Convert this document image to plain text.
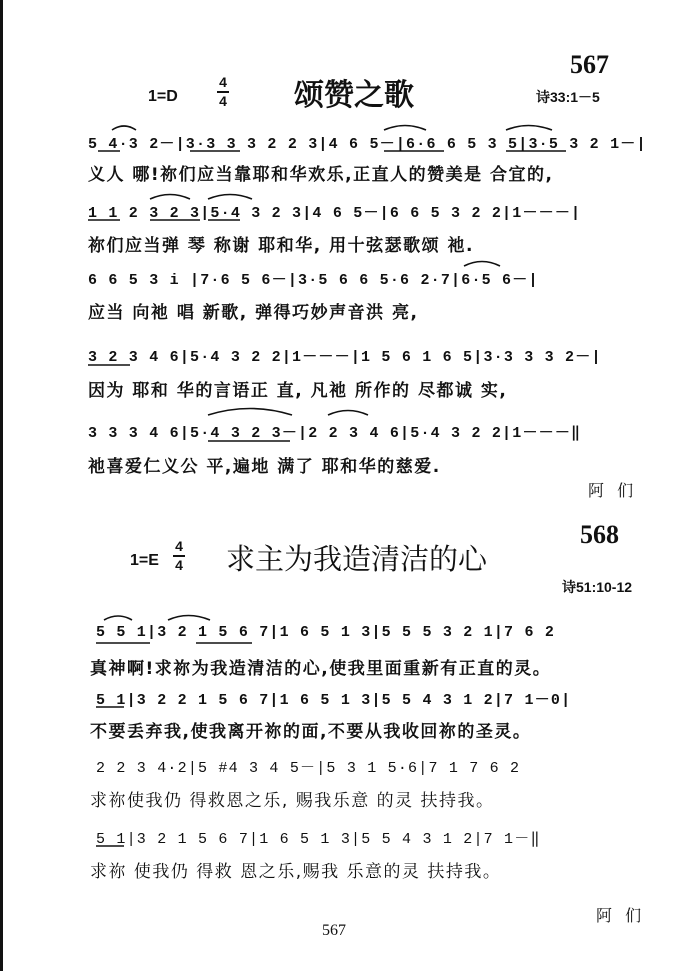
567
1=D
4
4 颂赞之歌	诗33:1－5
5 4·3 2－|3·3 3 3 2 2 3|4 6 5－|6·6 6 5 3 5|3·5 3 2 1－|
义人 哪!祢们应当靠耶和华欢乐,正直人的赞美是 合宜的,
1 1 2 3 2 3|5·4 3 2 3|4 6 5－|6 6 5 3 2 2|1－－－|
祢们应当弹 琴 称谢 耶和华, 用十弦瑟歌颂 祂.
6 6 5 3 i |7·6 5 6－|3·5 6 6 5·6 2·7|6·5 6－|
应当 向祂 唱 新歌, 弹得巧妙声音洪 亮,
3 2 3 4 6|5·4 3 2 2|1－－－|1 5 6 1 6 5|3·3 3 3 2－|
因为 耶和 华的言语正 直, 凡祂 所作的 尽都诚 实,
3 3 3 4 6|5·4 3 2 3－|2 2 3 4 6|5·4 3 2 2|1－－－‖
祂喜爱仁义公 平,遍地 满了 耶和华的慈爱.
阿 们
568
1=E
4
4 求主为我造清洁的心
诗51:10-12
5 5 1|3 2 1 5 6 7|1 6 5 1 3|5 5 5 3 2 1|7 6 2
真神啊!求祢为我造清洁的心,使我里面重新有正直的灵。
5 1|3 2 2 1 5 6 7|1 6 5 1 3|5 5 4 3 1 2|7 1－0|
不要丢弃我,使我离开祢的面,不要从我收回祢的圣灵。
2 2 3 4·2|5 #4 3 4 5－|5 3 1 5·6|7 1 7 6 2
求祢使我仍 得救恩之乐, 赐我乐意 的灵 扶持我。
5 1|3 2 1 5 6 7|1 6 5 1 3|5 5 4 3 1 2|7 1－‖
求祢 使我仍 得救 恩之乐,赐我 乐意的灵 扶持我。
阿 们
567
